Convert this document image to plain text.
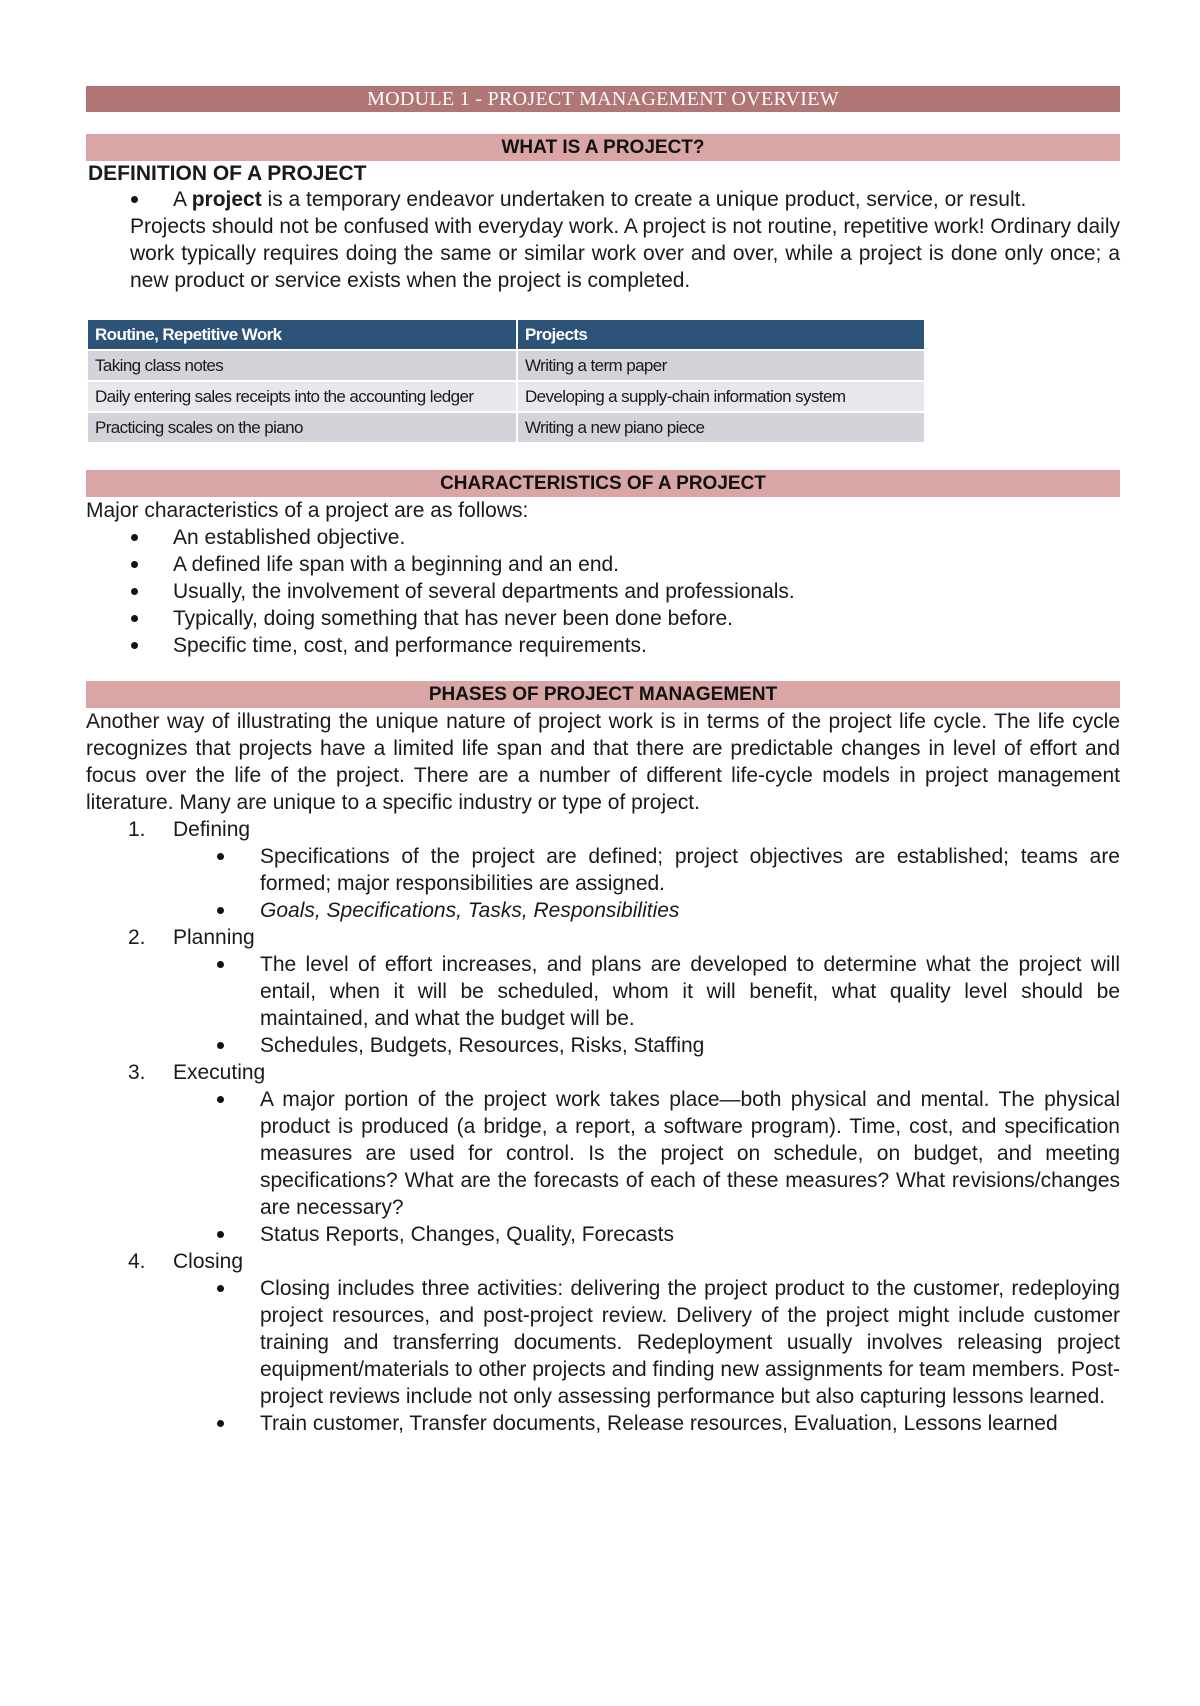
MODULE 1 - PROJECT MANAGEMENT OVERVIEW
WHAT IS A PROJECT?
DEFINITION OF A PROJECT
A project is a temporary endeavor undertaken to create a unique product, service, or result.
Projects should not be confused with everyday work. A project is not routine, repetitive work! Ordinary daily work typically requires doing the same or similar work over and over, while a project is done only once; a new product or service exists when the project is completed.
Routine, Repetitive Work	Projects
Taking class notes	Writing a term paper
Daily entering sales receipts into the accounting ledger	Developing a supply-chain information system
Practicing scales on the piano	Writing a new piano piece
CHARACTERISTICS OF A PROJECT
Major characteristics of a project are as follows:
An established objective.
A defined life span with a beginning and an end.
Usually, the involvement of several departments and professionals.
Typically, doing something that has never been done before.
Specific time, cost, and performance requirements.
PHASES OF PROJECT MANAGEMENT
Another way of illustrating the unique nature of project work is in terms of the project life cycle. The life cycle recognizes that projects have a limited life span and that there are predictable changes in level of effort and focus over the life of the project. There are a number of different life-cycle models in project management literature. Many are unique to a specific industry or type of project.
1. Defining
Specifications of the project are defined; project objectives are established; teams are formed; major responsibilities are assigned.
Goals, Specifications, Tasks, Responsibilities
2. Planning
The level of effort increases, and plans are developed to determine what the project will entail, when it will be scheduled, whom it will benefit, what quality level should be maintained, and what the budget will be.
Schedules, Budgets, Resources, Risks, Staffing
3. Executing
A major portion of the project work takes place—both physical and mental. The physical product is produced (a bridge, a report, a software program). Time, cost, and specification measures are used for control. Is the project on schedule, on budget, and meeting specifications? What are the forecasts of each of these measures? What revisions/changes are necessary?
Status Reports, Changes, Quality, Forecasts
4. Closing
Closing includes three activities: delivering the project product to the customer, redeploying project resources, and post-project review. Delivery of the project might include customer training and transferring documents. Redeployment usually involves releasing project equipment/materials to other projects and finding new assignments for team members. Post-project reviews include not only assessing performance but also capturing lessons learned.
Train customer, Transfer documents, Release resources, Evaluation, Lessons learned
